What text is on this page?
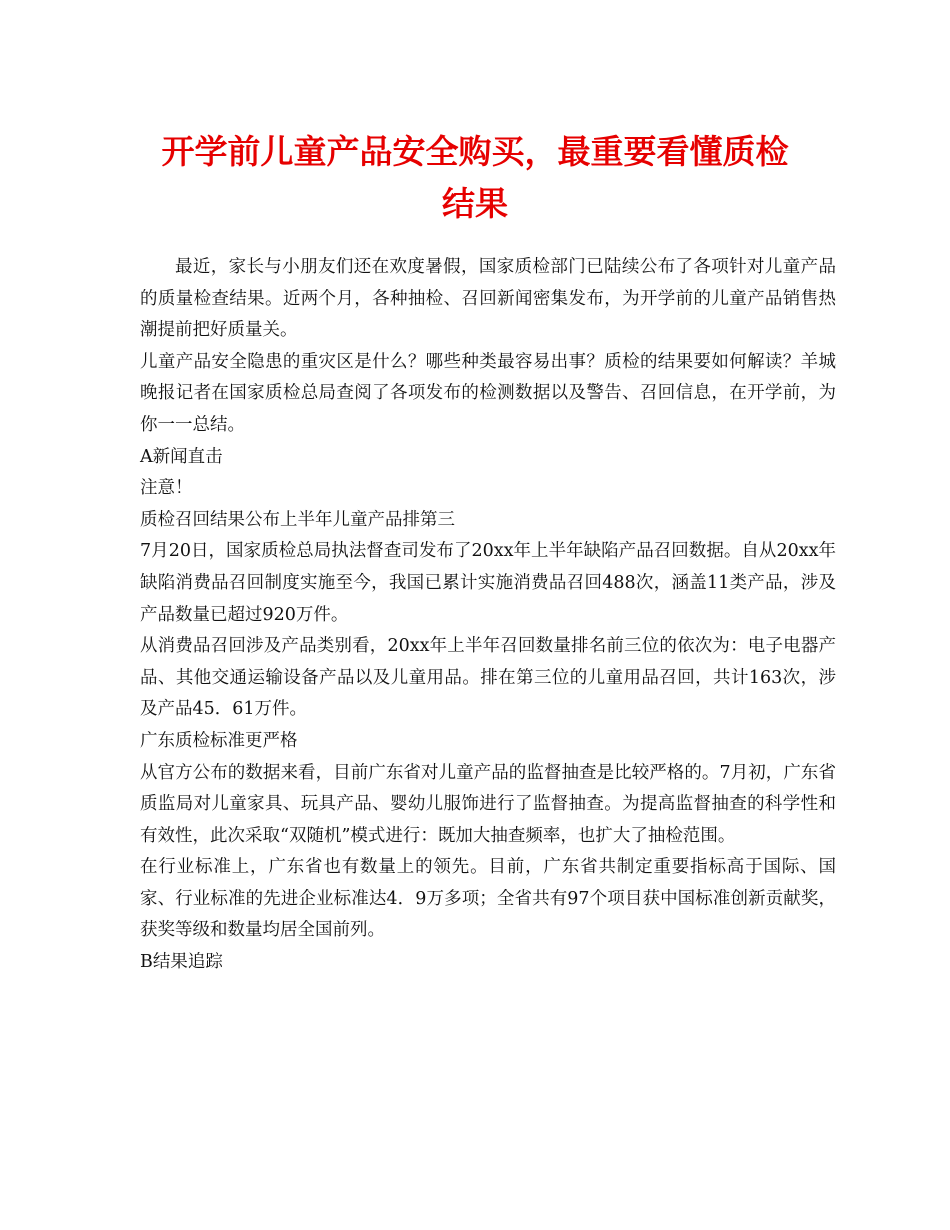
开学前儿童产品安全购买，最重要看懂质检
结果

最近，家长与小朋友们还在欢度暑假，国家质检部门已陆续公布了各项针对儿童产品的质量检查结果。近两个月，各种抽检、召回新闻密集发布，为开学前的儿童产品销售热潮提前把好质量关。

儿童产品安全隐患的重灾区是什么？哪些种类最容易出事？质检的结果要如何解读？羊城晚报记者在国家质检总局查阅了各项发布的检测数据以及警告、召回信息，在开学前，为你一一总结。

A新闻直击

注意！

质检召回结果公布上半年儿童产品排第三

7月20日，国家质检总局执法督查司发布了20xx年上半年缺陷产品召回数据。自从20xx年缺陷消费品召回制度实施至今，我国已累计实施消费品召回488次，涵盖11类产品，涉及产品数量已超过920万件。

从消费品召回涉及产品类别看，20xx年上半年召回数量排名前三位的依次为：电子电器产品、其他交通运输设备产品以及儿童用品。排在第三位的儿童用品召回，共计163次，涉及产品45．61万件。

广东质检标准更严格

从官方公布的数据来看，目前广东省对儿童产品的监督抽查是比较严格的。7月初，广东省质监局对儿童家具、玩具产品、婴幼儿服饰进行了监督抽查。为提高监督抽查的科学性和有效性，此次采取“双随机”模式进行：既加大抽查频率，也扩大了抽检范围。

在行业标准上，广东省也有数量上的领先。目前，广东省共制定重要指标高于国际、国家、行业标准的先进企业标准达4．9万多项；全省共有97个项目获中国标准创新贡献奖，获奖等级和数量均居全国前列。

B结果追踪
